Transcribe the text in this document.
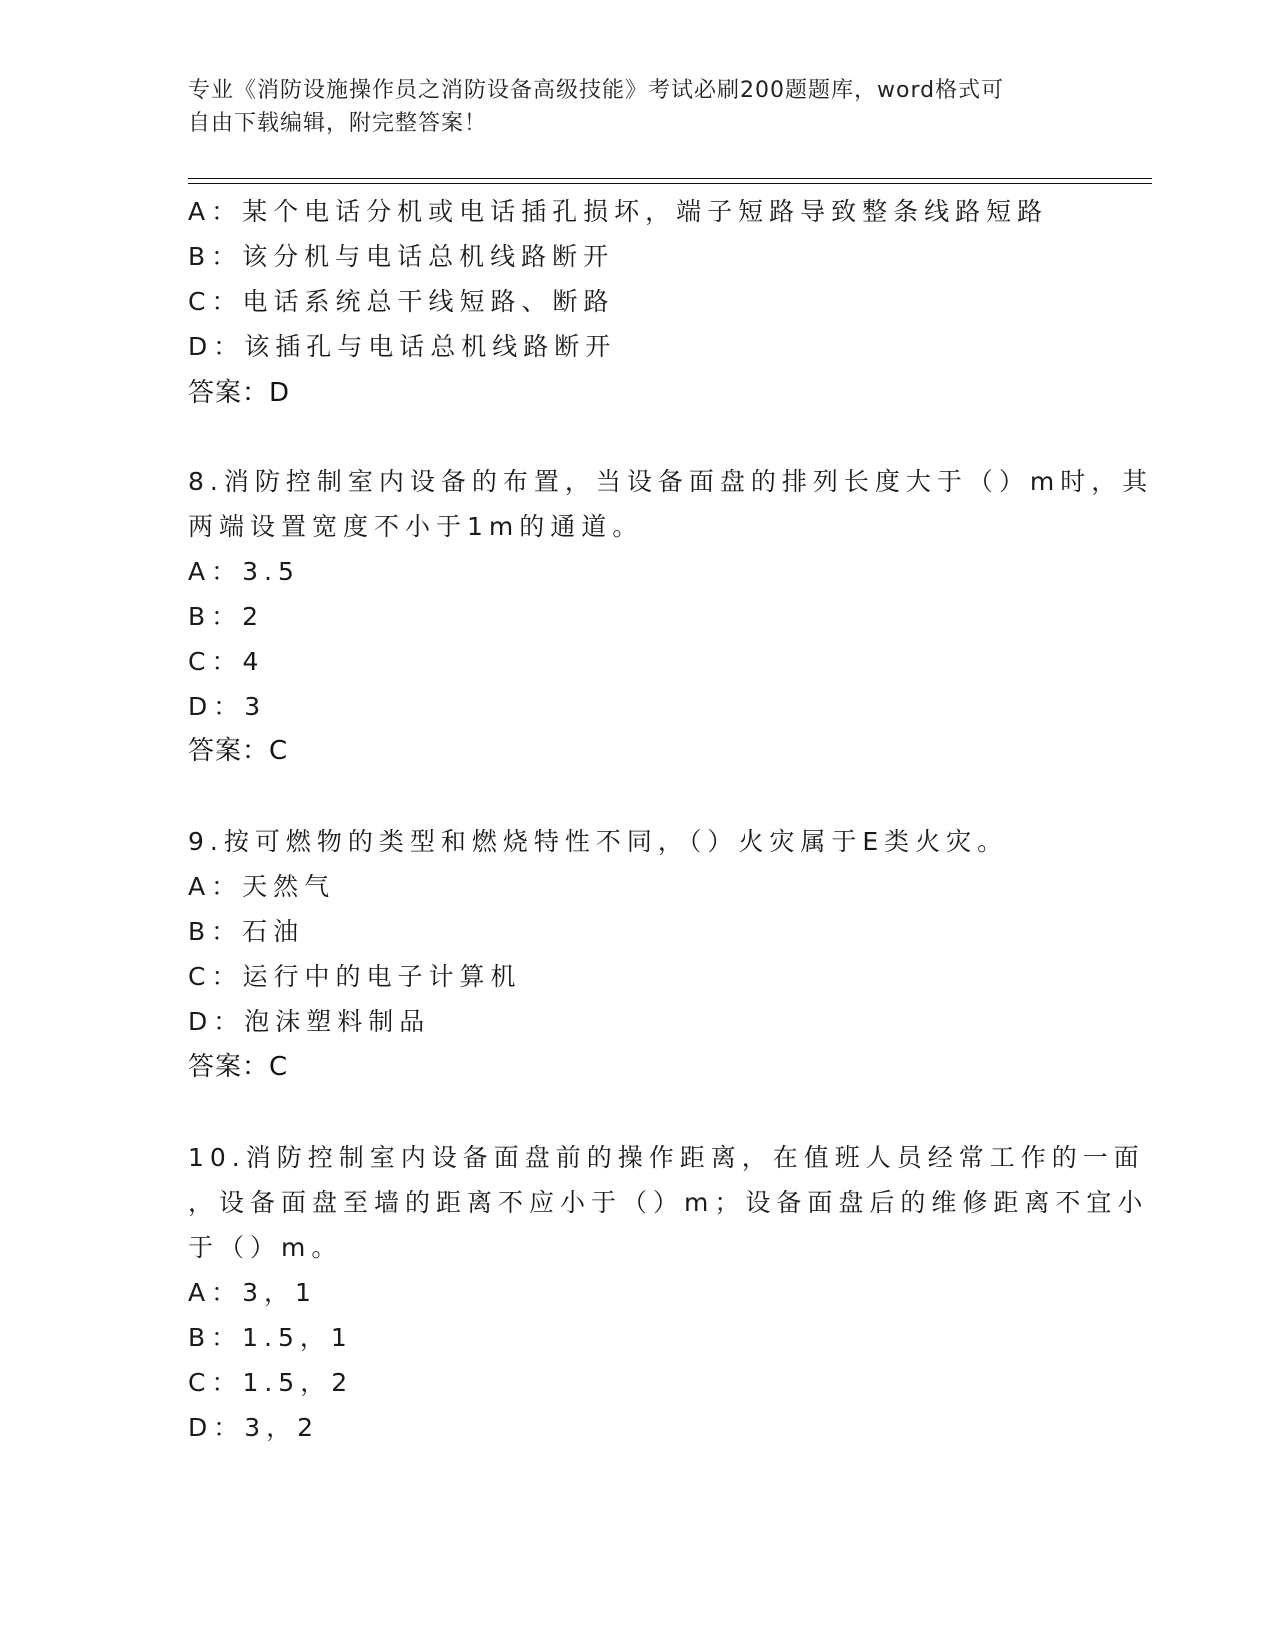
专业《消防设施操作员之消防设备高级技能》考试必刷200题题库，word格式可
自由下载编辑，附完整答案！
A：某个电话分机或电话插孔损坏，端子短路导致整条线路短路
B：该分机与电话总机线路断开
C：电话系统总干线短路、断路
D：该插孔与电话总机线路断开
答案：D
8.消防控制室内设备的布置，当设备面盘的排列长度大于（）m时，其
两端设置宽度不小于1m的通道。
A：3.5
B：2
C：4
D：3
答案：C
9.按可燃物的类型和燃烧特性不同，（）火灾属于E类火灾。
A：天然气
B：石油
C：运行中的电子计算机
D：泡沫塑料制品
答案：C
10.消防控制室内设备面盘前的操作距离，在值班人员经常工作的一面
，设备面盘至墙的距离不应小于（）m；设备面盘后的维修距离不宜小
于（）m。
A：3，1
B：1.5，1
C：1.5，2
D：3，2
